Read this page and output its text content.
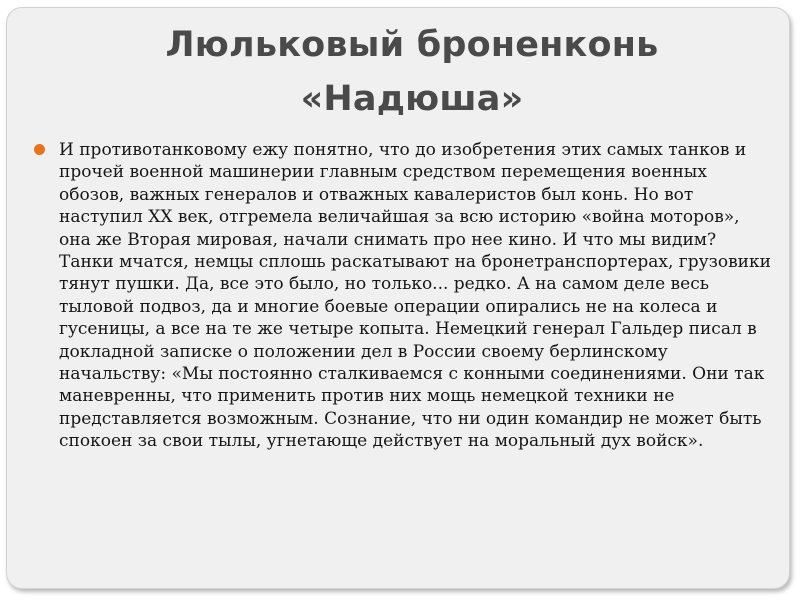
Люльковый броненконь
«Надюша»

И противотанковому ежу понятно, что до изобретения этих самых танков и прочей военной машинерии главным средством перемещения военных обозов, важных генералов и отважных кавалеристов был конь. Но вот наступил XX век, отгремела величайшая за всю историю «война моторов», она же Вторая мировая, начали снимать про нее кино. И что мы видим? Танки мчатся, немцы сплошь раскатывают на бронетранспортерах, грузовики тянут пушки. Да, все это было, но только... редко. А на самом деле весь тыловой подвоз, да и многие боевые операции опирались не на колеса и гусеницы, а все на те же четыре копыта. Немецкий генерал Гальдер писал в докладной записке о положении дел в России своему берлинскому начальству: «Мы постоянно сталкиваемся с конными соединениями. Они так маневренны, что применить против них мощь немецкой техники не представляется возможным. Сознание, что ни один командир не может быть спокоен за свои тылы, угнетающе действует на моральный дух войск».
